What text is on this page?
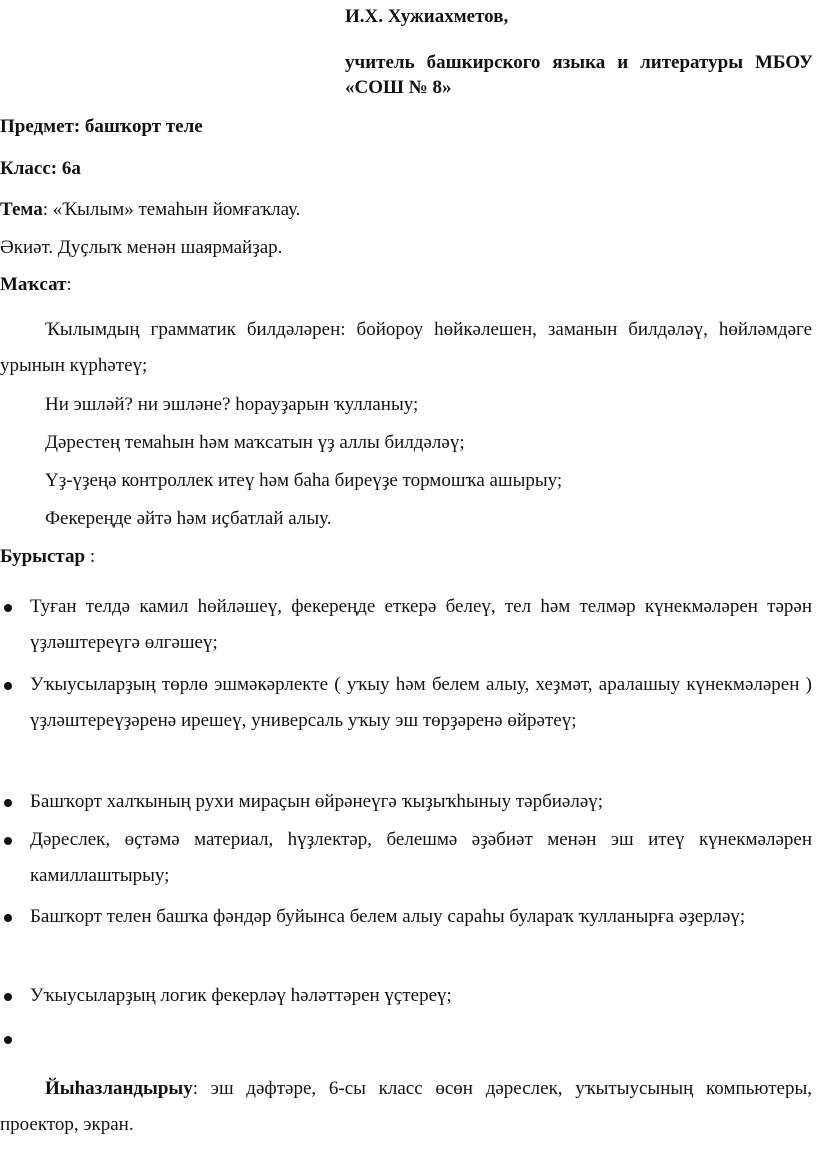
И.Х. Хужиахметов,

учитель башкирского языка и литературы МБОУ «СОШ № 8»

Предмет: башҡорт теле

Класс: 6а

Тема: «Ҡылым» темаһын йомғаҡлау.

Әкиәт. Дуҫлыҡ менән шаярмайҙар.

Маҡсат:

Ҡылымдың грамматик билдәләрен: бойороу һөйкәлешен, заманын билдәләү, һөйләмдәге урынын күрһәтеү;

Ни эшләй? ни эшләне? һорауҙарын ҡулланыу;

Дәрестең темаһын һәм маҡсатын үҙ аллы билдәләү;

Үҙ-үҙеңә контроллек итеү һәм баһа биреүҙе тормошҡа ашырыу;

Фекереңде әйтә һәм иҫбатлай алыу.

Бурыстар :

Туған телдә камил һөйләшеү, фекереңде еткерә белеү, тел һәм телмәр күнекмәләрен тәрән үҙләштереүгә өлгәшеү;

Уҡыусыларҙың төрлө эшмәкәрлекте ( уҡыу һәм белем алыу, хеҙмәт, аралашыу күнекмәләрен ) үҙләштереүҙәренә ирешеү, универсаль уҡыу эш төрҙәренә өйрәтеү;

Башҡорт халҡының рухи мираҫын өйрәнеүгә ҡыҙыҡһыныу тәрбиәләү;

Дәреслек, өҫтәмә материал, һүҙлектәр, белешмә әҙәбиәт менән эш итеү күнекмәләрен камиллаштырыу;

Башҡорт телен башҡа фәндәр буйынса белем алыу сараһы булараҡ ҡулланырға әҙерләү;

Уҡыусыларҙың логик фекерләү һәләттәрен үҫтереү;

Йыһазландырыу: эш дәфтәре, 6-сы класс өсөн дәреслек, уҡытыусының компьютеры, проектор, экран.
